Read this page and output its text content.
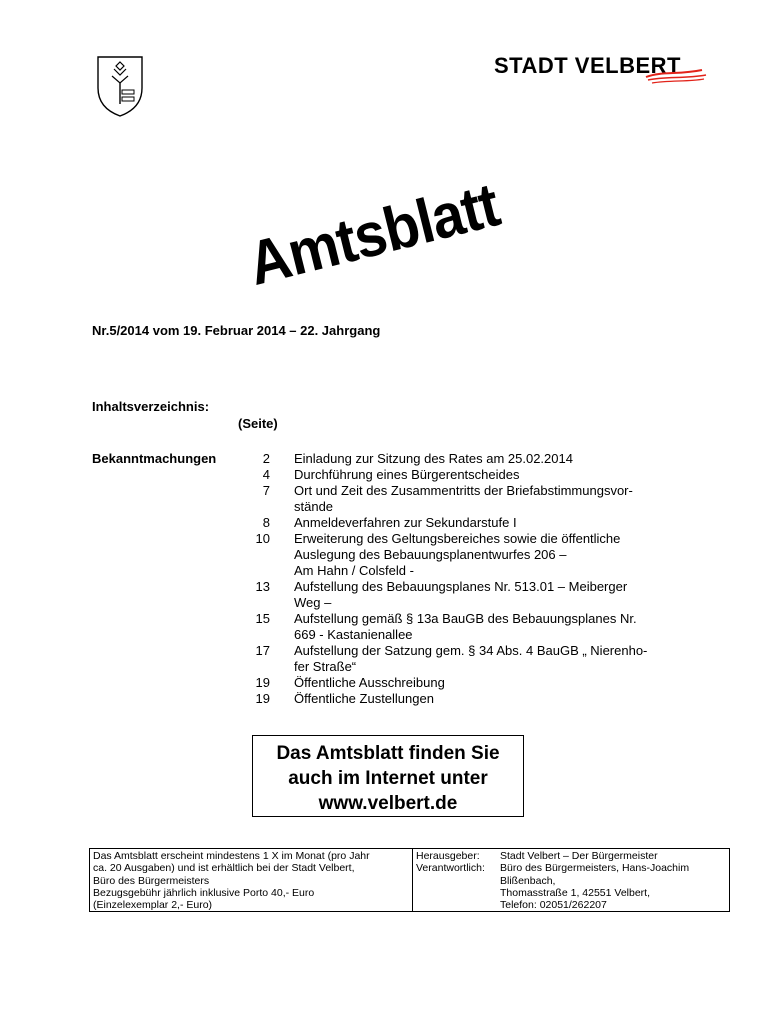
STADT VELBERT
Amtsblatt
Nr.5/2014 vom 19. Februar 2014 – 22. Jahrgang
Inhaltsverzeichnis:
(Seite)
Bekanntmachungen	2 Einladung zur Sitzung des Rates am 25.02.2014
4 Durchführung eines Bürgerentscheides
7 Ort und Zeit des Zusammentritts der Briefabstimmungsvor-
stände
8 Anmeldeverfahren zur Sekundarstufe I
10 Erweiterung des Geltungsbereiches sowie die öffentliche
Auslegung des Bebauungsplanentwurfes 206 –
Am Hahn / Colsfeld -
13 Aufstellung des Bebauungsplanes Nr. 513.01 – Meiberger
Weg –
15 Aufstellung gemäß § 13a BauGB des Bebauungsplanes Nr.
669 - Kastanienallee
17 Aufstellung der Satzung gem. § 34 Abs. 4 BauGB „ Nierenho-
fer Straße“
19 Öffentliche Ausschreibung
19 Öffentliche Zustellungen
Das Amtsblatt finden Sie
auch im Internet unter
www.velbert.de
Das Amtsblatt erscheint mindestens 1 X im Monat (pro Jahr
ca. 20 Ausgaben) und ist erhältlich bei der Stadt Velbert,
Büro des Bürgermeisters
Bezugsgebühr jährlich inklusive Porto 40,- Euro
(Einzelexemplar 2,- Euro)
Herausgeber:	Stadt Velbert – Der Bürgermeister
Verantwortlich:	Büro des Bürgermeisters, Hans-Joachim
Blißenbach,
Thomasstraße 1, 42551 Velbert,
Telefon: 02051/262207
